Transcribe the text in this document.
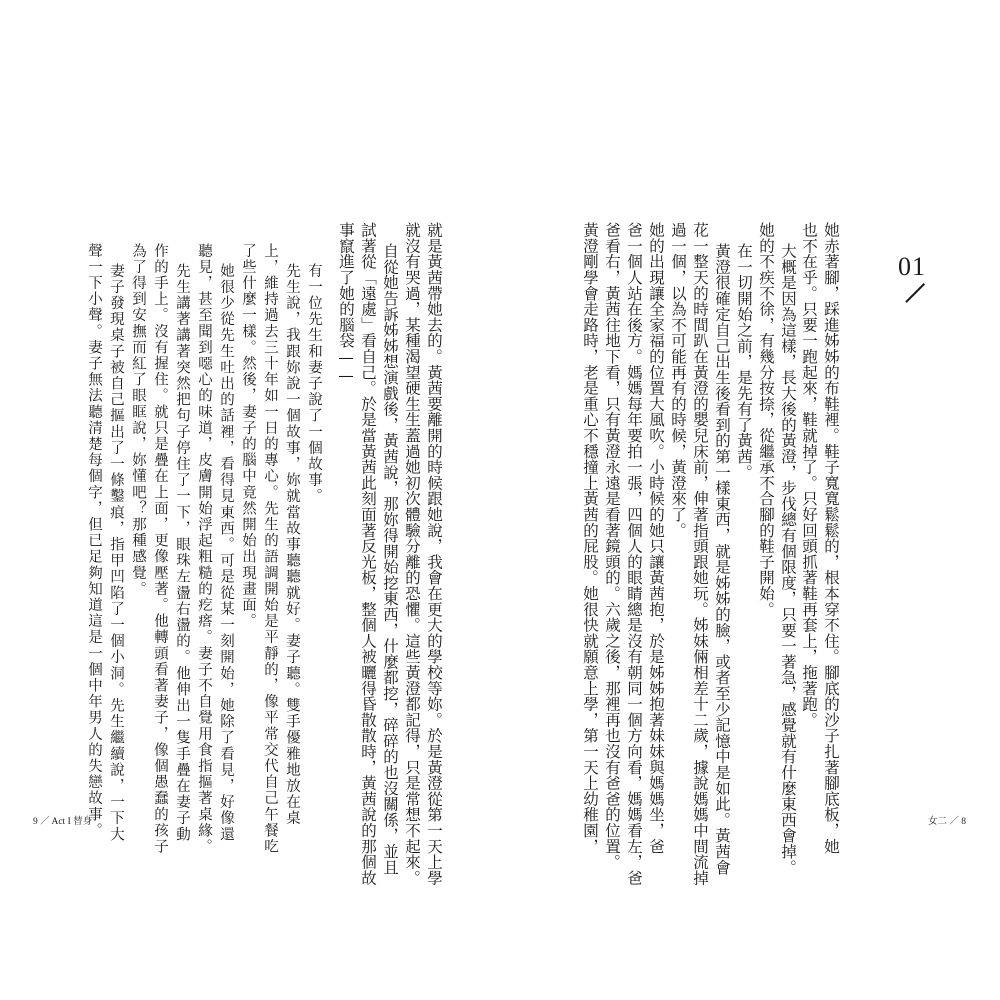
01
她赤著腳，踩進姊姊的布鞋裡。鞋子寬寬鬆鬆的，根本穿不住。腳底的沙子扎著腳底板，她
也不在乎。只要一跑起來，鞋就掉了。只好回頭抓著鞋再套上，拖著跑。
大概是因為這樣，長大後的黃澄，步伐總有個限度，只要一著急，感覺就有什麼東西會掉。
她的不疾不徐，有幾分按捺，從繼承不合腳的鞋子開始。
在一切開始之前，是先有了黃茜。
黃澄很確定自己出生後看到的第一樣東西，就是姊姊的臉，或者至少記憶中是如此。黃茜會
花一整天的時間趴在黃澄的嬰兒床前，伸著指頭跟她玩。姊妹倆相差十二歲，據說媽媽中間流掉
過一個，以為不可能再有的時候，黃澄來了。
她的出現讓全家福的位置大風吹。小時候的她只讓黃茜抱，於是姊姊抱著妹妹與媽媽坐，爸
爸一個人站在後方。媽媽每年要拍一張，四個人的眼睛總是沒有朝同一個方向看，媽媽看左，爸
爸看右，黃茜往地下看，只有黃澄永遠是看著鏡頭的。六歲之後，那裡再也沒有爸爸的位置。
黃澄剛學會走路時，老是重心不穩撞上黃茜的屁股。她很快就願意上學，第一天上幼稚園，	女二 ／ 8
就是黃茜帶她去的。黃茜要離開的時候跟她說，我會在更大的學校等妳。於是黃澄從第一天上學
就沒有哭過，某種渴望硬生生蓋過她初次體驗分離的恐懼。這些黃澄都記得，只是常想不起來。
自從她告訴姊姊想演戲後，黃茜說，那妳得開始挖東西，什麼都挖，碎碎的也沒關係，並且
試著從「遠處」看自己。於是當黃茜此刻面著反光板，整個人被曬得昏散散時，黃茜說的那個故
事竄進了她的腦袋——
有一位先生和妻子說了一個故事。
先生說，我跟妳說一個故事，妳就當故事聽聽就好。妻子聽。雙手優雅地放在桌
上，維持過去三十年如一日的專心。先生的語調開始是平靜的，像平常交代自己午餐吃
了些什麼一樣。然後，妻子的腦中竟然開始出現畫面。
她很少從先生吐出的話裡，看得見東西。可是從某一刻開始，她除了看見，好像還
聽見，甚至聞到噁心的味道，皮膚開始浮起粗糙的疙瘩。妻子不自覺用食指摳著桌緣。
先生講著講著突然把句子停住了一下，眼珠左盪右盪的。他伸出一隻手疊在妻子動
作的手上。沒有握住。就只是疊在上面，更像壓著。他轉頭看著妻子，像個愚蠢的孩子
為了得到安撫而紅了眼眶說，妳懂吧？那種感覺。
妻子發現桌子被自己摳出了一條鑿痕，指甲凹陷了一個小洞。先生繼續說，一下大
聲一下小聲。妻子無法聽清楚每個字，但已足夠知道這是一個中年男人的失戀故事。
9 ／ Act I 替身
